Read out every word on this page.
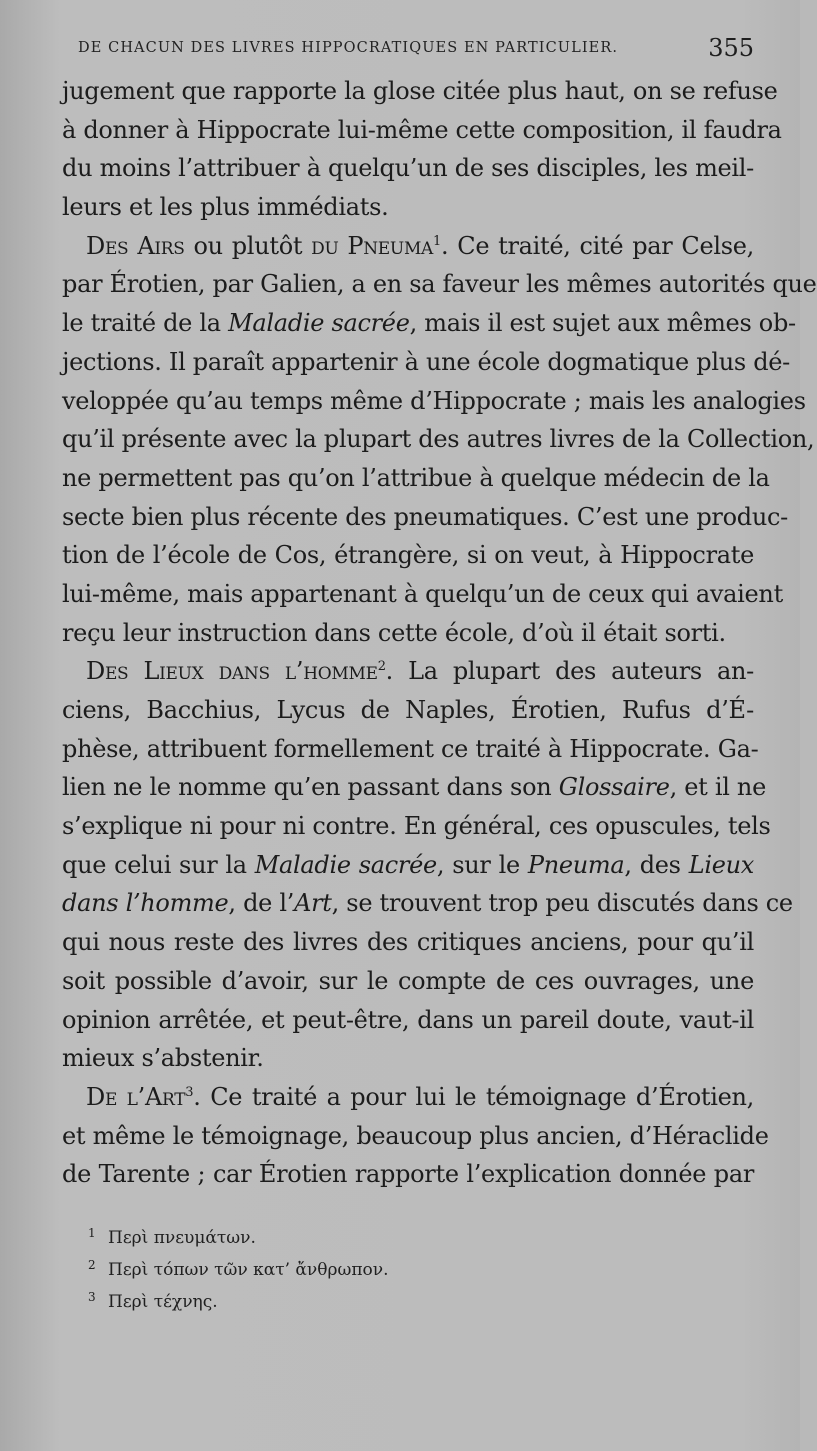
DE CHACUN DES LIVRES HIPPOCRATIQUES EN PARTICULIER.	355
jugement que rapporte la glose citée plus haut, on se refuse
à donner à Hippocrate lui-même cette composition, il faudra
du moins l’attribuer à quelqu’un de ses disciples, les meil-
leurs et les plus immédiats.
Des Airs ou plutôt du Pneuma$^1$. Ce traité, cité par Celse,
par Érotien, par Galien, a en sa faveur les mêmes autorités que
le traité de la Maladie sacrée, mais il est sujet aux mêmes ob-
jections. Il paraît appartenir à une école dogmatique plus dé-
veloppée qu’au temps même d’Hippocrate ; mais les analogies
qu’il présente avec la plupart des autres livres de la Collection,
ne permettent pas qu’on l’attribue à quelque médecin de la
secte bien plus récente des pneumatiques. C’est une produc-
tion de l’école de Cos, étrangère, si on veut, à Hippocrate
lui-même, mais appartenant à quelqu’un de ceux qui avaient
reçu leur instruction dans cette école, d’où il était sorti.
Des Lieux dans l’homme$^2$. La plupart des auteurs an-
ciens, Bacchius, Lycus de Naples, Érotien, Rufus d’É-
phèse, attribuent formellement ce traité à Hippocrate. Ga-
lien ne le nomme qu’en passant dans son Glossaire, et il ne
s’explique ni pour ni contre. En général, ces opuscules, tels
que celui sur la Maladie sacrée, sur le Pneuma, des Lieux
dans l’homme, de l’Art, se trouvent trop peu discutés dans ce
qui nous reste des livres des critiques anciens, pour qu’il
soit possible d’avoir, sur le compte de ces ouvrages, une
opinion arrêtée, et peut-être, dans un pareil doute, vaut-il
mieux s’abstenir.
De l’Art$^3$. Ce traité a pour lui le témoignage d’Érotien,
et même le témoignage, beaucoup plus ancien, d’Héraclide
de Tarente ; car Érotien rapporte l’explication donnée par
1 Περὶ πνευμάτων.
2 Περὶ τόπων τῶν κατ’ ἄνθρωπον.
3 Περὶ τέχνης.
